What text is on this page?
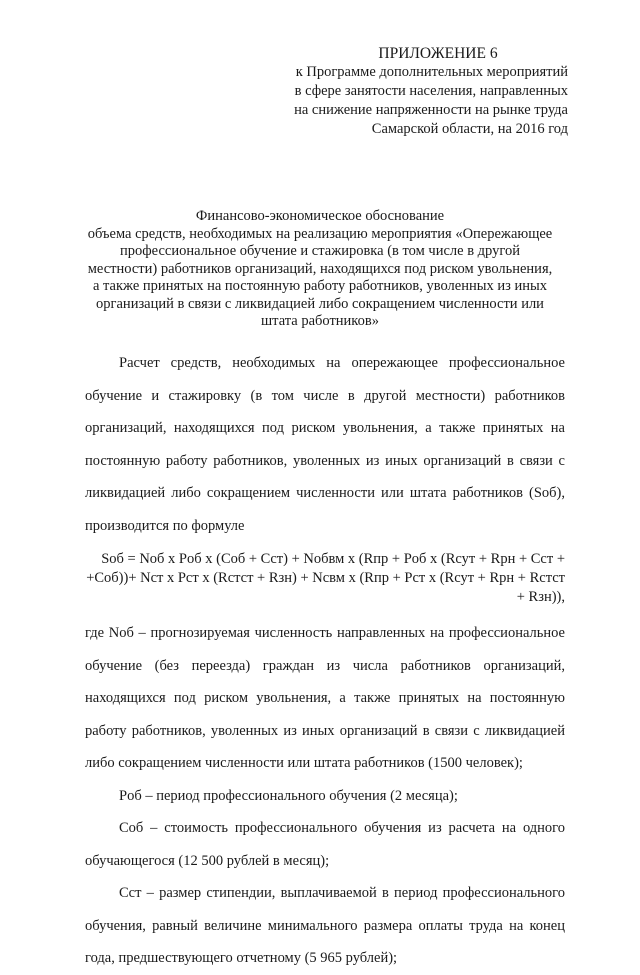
ПРИЛОЖЕНИЕ 6
к Программе дополнительных мероприятий
в сфере занятости населения, направленных
на снижение напряженности на рынке труда
Самарской области, на 2016 год
Финансово-экономическое обоснование
объема средств, необходимых на реализацию мероприятия «Опережающее
профессиональное обучение и стажировка (в том числе в другой
местности) работников организаций, находящихся под риском увольнения,
а также принятых на постоянную работу работников, уволенных из иных
организаций в связи с ликвидацией либо сокращением численности или
штата работников»

Расчет средств, необходимых на опережающее профессиональное обучение и стажировку (в том числе в другой местности) работников организаций, находящихся под риском увольнения, а также принятых на постоянную работу работников, уволенных из иных организаций в связи с ликвидацией либо сокращением численности или штата работников (Sоб), производится по формуле

Sоб = Nоб х Pоб х (Cоб + Cст) + Nобвм х (Rпр + Pоб х (Rсут + Rрн + Cст +
+Cоб))+ Nст х Pст х (Rстст + Rзн) + Nсвм х (Rпр + Pст х (Rсут + Rрн + Rстст + Rзн)),

где Nоб – прогнозируемая численность направленных на профессиональное обучение (без переезда) граждан из числа работников организаций, находящихся под риском увольнения, а также принятых на постоянную работу работников, уволенных из иных организаций в связи с ликвидацией либо сокращением численности или штата работников (1500 человек);

Pоб – период профессионального обучения (2 месяца);

Cоб – стоимость профессионального обучения из расчета на одного обучающегося (12 500 рублей в месяц);

Cст – размер стипендии, выплачиваемой в период профессионального обучения, равный величине минимального размера оплаты труда на конец года, предшествующего отчетному (5 965 рублей);
